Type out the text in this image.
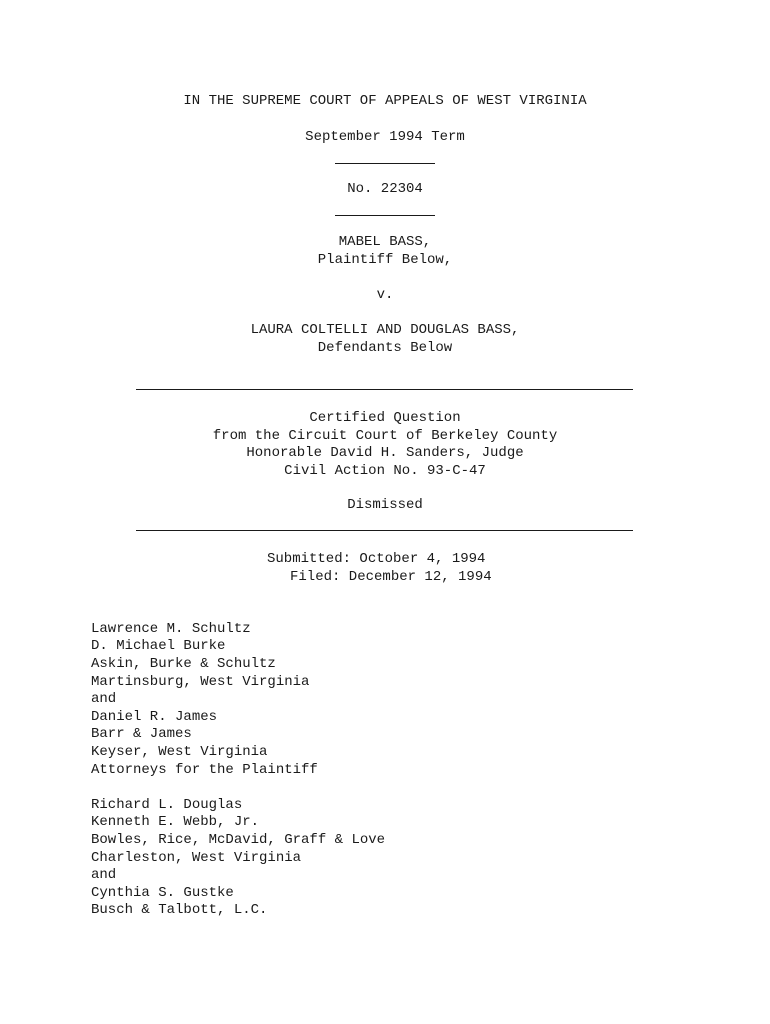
IN THE SUPREME COURT OF APPEALS OF WEST VIRGINIA
September 1994 Term
No. 22304
MABEL BASS,
Plaintiff Below,
v.
LAURA COLTELLI AND DOUGLAS BASS,
Defendants Below
Certified Question
from the Circuit Court of Berkeley County
Honorable David H. Sanders, Judge
Civil Action No. 93-C-47
Dismissed
Submitted: October 4, 1994
Filed: December 12, 1994
Lawrence M. Schultz
D. Michael Burke
Askin, Burke & Schultz
Martinsburg, West Virginia
and
Daniel R. James
Barr & James
Keyser, West Virginia
Attorneys for the Plaintiff
Richard L. Douglas
Kenneth E. Webb, Jr.
Bowles, Rice, McDavid, Graff & Love
Charleston, West Virginia
and
Cynthia S. Gustke
Busch & Talbott, L.C.
